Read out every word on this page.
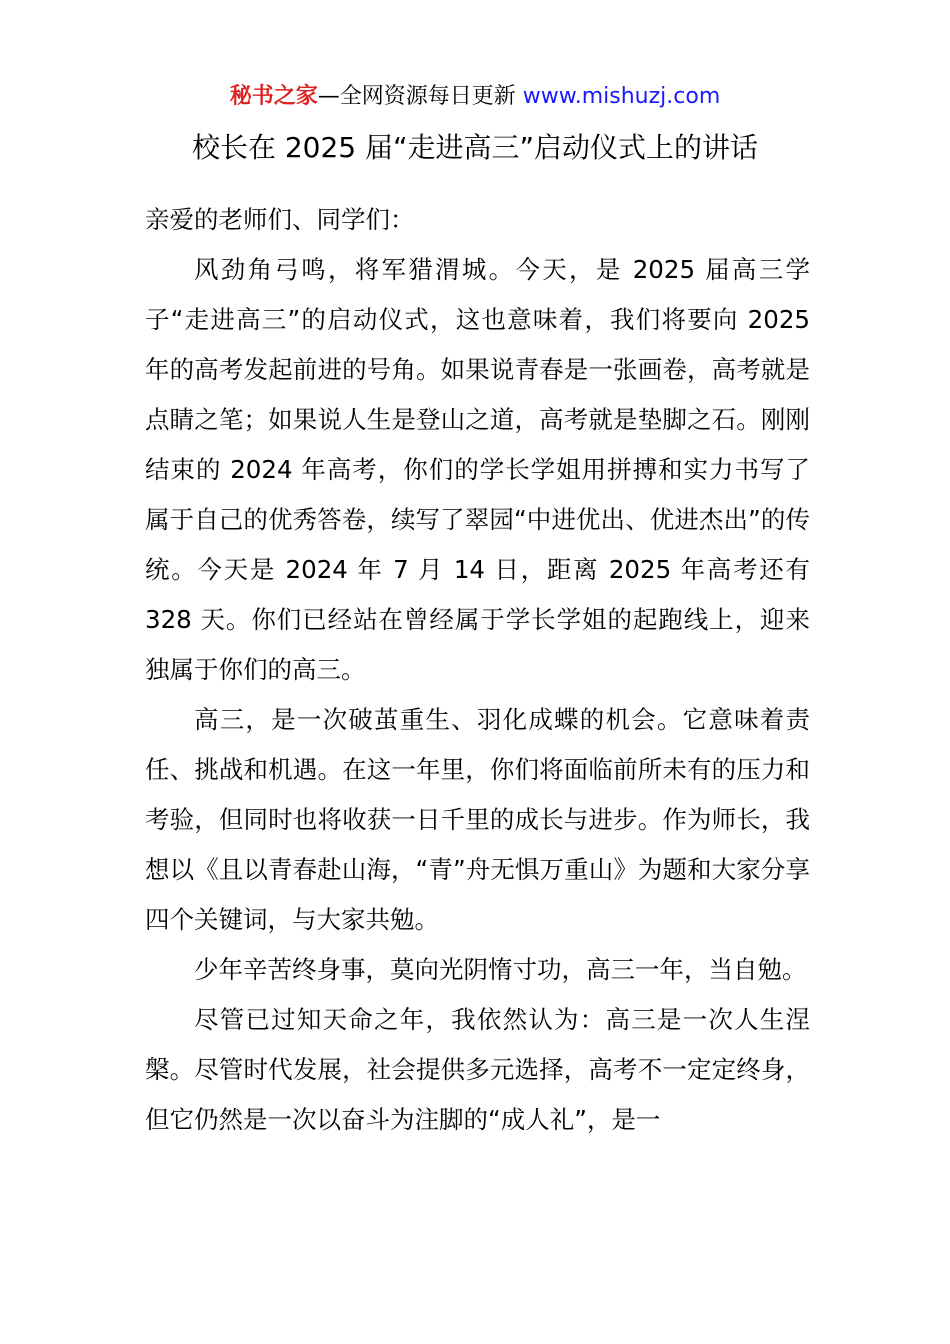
秘书之家—全网资源每日更新 www.mishuzj.com
校长在 2025 届“走进高三”启动仪式上的讲话

亲爱的老师们、同学们：

风劲角弓鸣，将军猎渭城。今天，是 2025 届高三学子“走进高三”的启动仪式，这也意味着，我们将要向 2025 年的高考发起前进的号角。如果说青春是一张画卷，高考就是点睛之笔；如果说人生是登山之道，高考就是垫脚之石。刚刚结束的 2024 年高考，你们的学长学姐用拼搏和实力书写了属于自己的优秀答卷，续写了翠园“中进优出、优进杰出”的传统。今天是 2024 年 7 月 14 日，距离 2025 年高考还有 328 天。你们已经站在曾经属于学长学姐的起跑线上，迎来独属于你们的高三。

高三，是一次破茧重生、羽化成蝶的机会。它意味着责任、挑战和机遇。在这一年里，你们将面临前所未有的压力和考验，但同时也将收获一日千里的成长与进步。作为师长，我想以《且以青春赴山海，“青”舟无惧万重山》为题和大家分享四个关键词，与大家共勉。

少年辛苦终身事，莫向光阴惰寸功，高三一年，当自勉。

尽管已过知天命之年，我依然认为：高三是一次人生涅槃。尽管时代发展，社会提供多元选择，高考不一定定终身，但它仍然是一次以奋斗为注脚的“成人礼”，是一
